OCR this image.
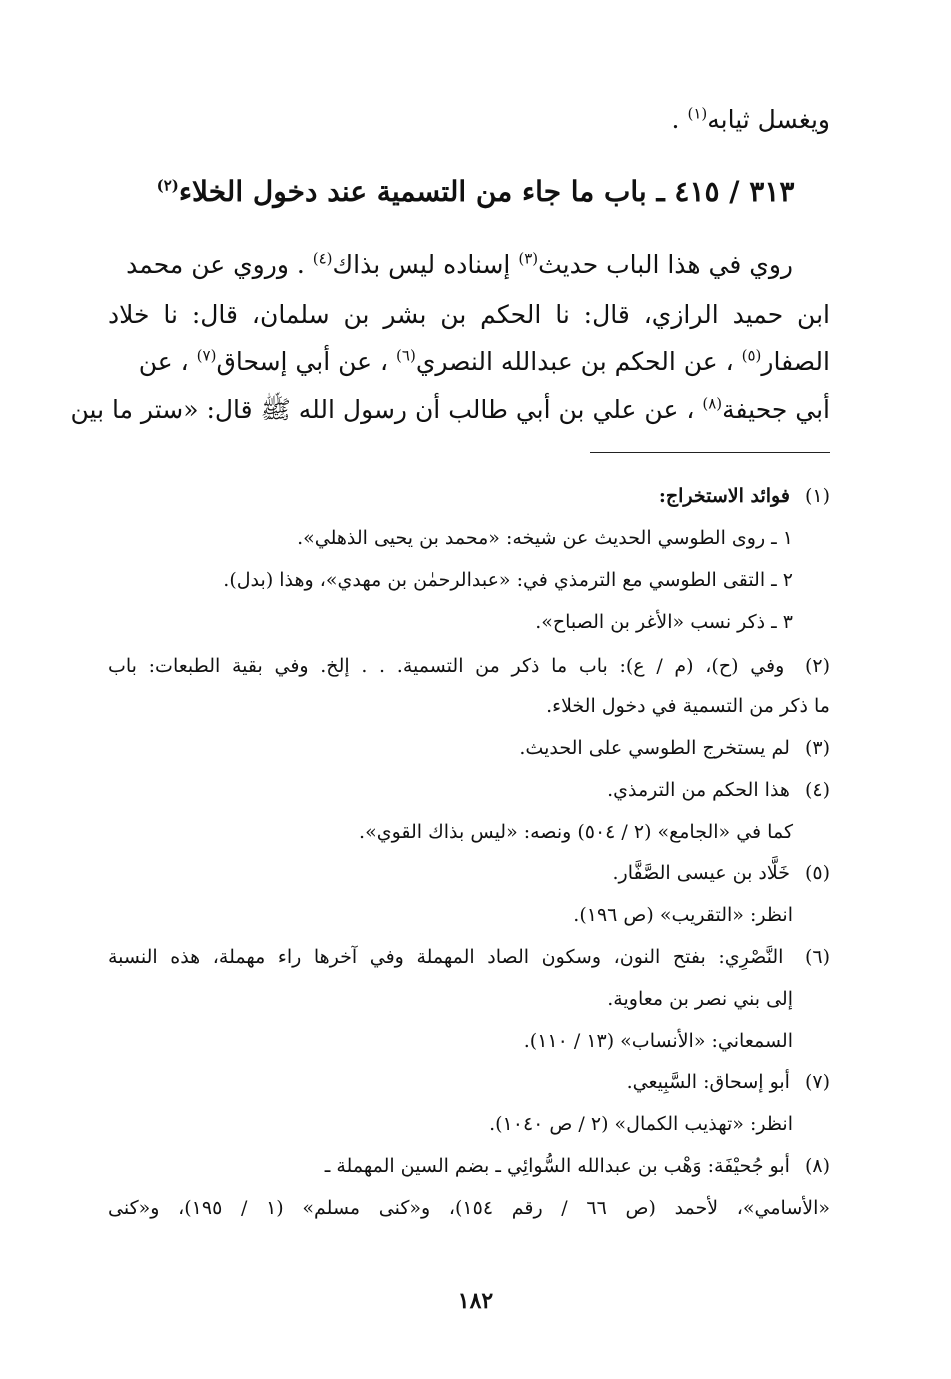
ويغسل ثيابه$^{(١)}$ .
٣١٣ / ٤١٥ ـ باب ما جاء من التسمية عند دخول الخلاء$^{(٢)}$
روي في هذا الباب حديث$^{(٣)}$ إسناده ليس بذاك$^{(٤)}$ . وروي عن محمد
ابن حميد الرازي، قال: نا الحكم بن بشر بن سلمان، قال: نا خلاد
الصفار$^{(٥)}$ ، عن الحكم بن عبدالله النصري$^{(٦)}$ ، عن أبي إسحاق$^{(٧)}$ ، عن
أبي جحيفة$^{(٨)}$ ، عن علي بن أبي طالب أن رسول الله ﷺ قال: «ستر ما بين
(١) فوائد الاستخراج:
١ ـ روى الطوسي الحديث عن شيخه: «محمد بن يحيى الذهلي».
٢ ـ التقى الطوسي مع الترمذي في: «عبدالرحمٰن بن مهدي»، وهذا (بدل).
٣ ـ ذكر نسب «الأغر بن الصباح».
(٢) وفي (ح)، (م / ع): باب ما ذكر من التسمية. . . إلخ. وفي بقية الطبعات: باب
ما ذكر من التسمية في دخول الخلاء.
(٣) لم يستخرج الطوسي على الحديث.
(٤) هذا الحكم من الترمذي.
كما في «الجامع» (٢ / ٥٠٤) ونصه: «ليس بذاك القوي».
(٥) خَلَّاد بن عيسى الصَّفَّار.
انظر: «التقريب» (ص ١٩٦).
(٦) النَّصْرِي: بفتح النون، وسكون الصاد المهملة وفي آخرها راء مهملة، هذه النسبة
إلى بني نصر بن معاوية.
السمعاني: «الأنساب» (١٣ / ١١٠).
(٧) أبو إسحاق: السَّبِيعي.
انظر: «تهذيب الكمال» (٢ / ص ١٠٤٠).
(٨) أبو جُحيْفَة: وَهْب بن عبدالله السُّوائِي ـ بضم السين المهملة ـ
«الأسامي»، لأحمد (ص ٦٦ / رقم ١٥٤)، و«كنى مسلم» (١ / ١٩٥)، و«كنى
١٨٢
